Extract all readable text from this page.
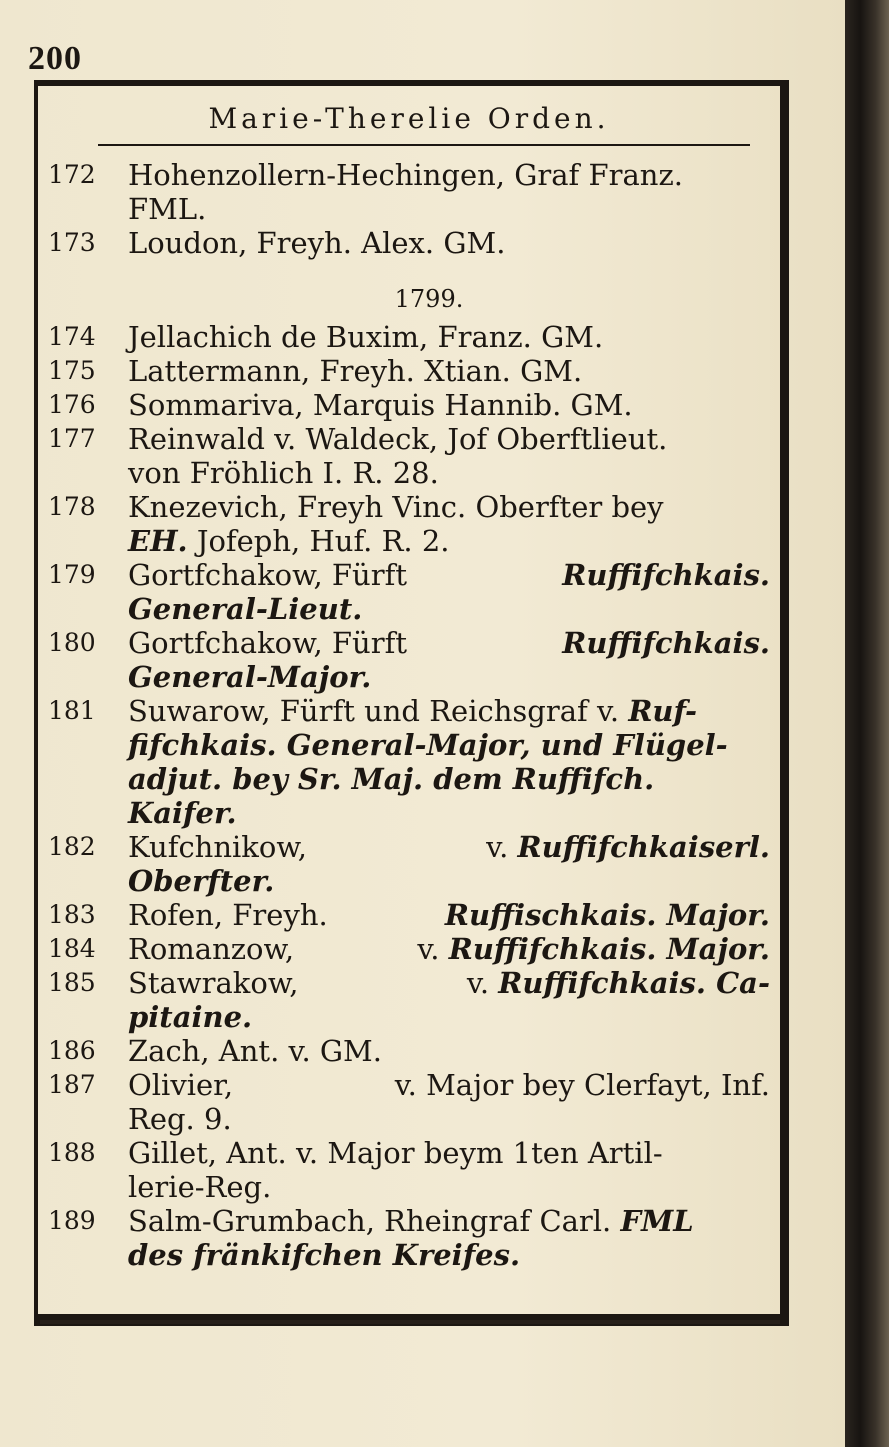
200
Marie-Therelie Orden.
172	Hohenzollern-Hechingen, Graf Franz.
FML.
173	Loudon, Freyh. Alex. GM.
1799.
174	Jellachich de Buxim, Franz. GM.
175	Lattermann, Freyh. Xtian. GM.
176	Sommariva, Marquis Hannib. GM.
177	Reinwald v. Waldeck, Jof Oberftlieut.
von Fröhlich I. R. 28.
178	Knezevich, Freyh Vinc. Oberfter bey
EH. Jofeph, Huf. R. 2.
179	Gortfchakow, Fürft	Ruffifchkais.
General-Lieut.
180	Gortfchakow, Fürft	Ruffifchkais.
General-Major.
181	Suwarow, Fürft und Reichsgraf v. Ruf-
fifchkais. General-Major, und Flügel-
adjut. bey Sr. Maj. dem Ruffifch. Kaifer.
182	Kufchnikow,	v. Ruffifchkaiserl.
Oberfter.
183	Rofen, Freyh.	Ruffischkais. Major.
184	Romanzow,	v. Ruffifchkais. Major.
185	Stawrakow,	v. Ruffifchkais. Ca-
pitaine.
186	Zach, Ant. v. GM.
187	Olivier,	v. Major bey Clerfayt, Inf.
Reg. 9.
188	Gillet, Ant. v. Major beym 1ten Artil-
lerie-Reg.
189	Salm-Grumbach, Rheingraf Carl. FML
des fränkifchen Kreifes.
